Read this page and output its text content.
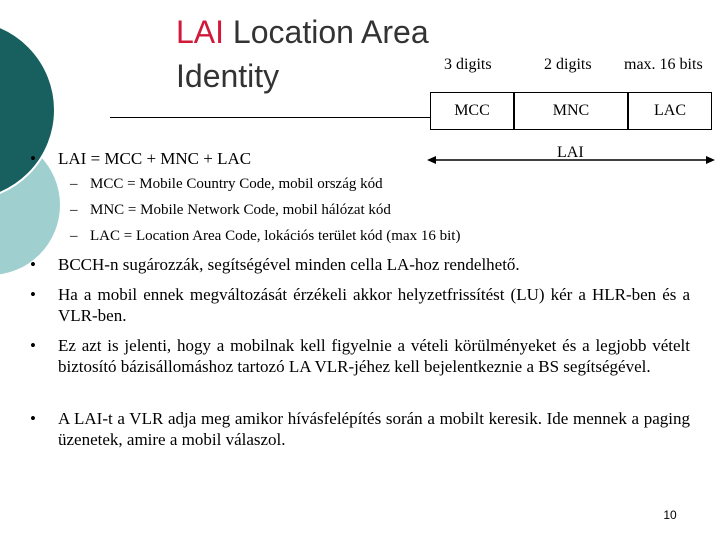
LAI Location Area
Identity	3 digits	2 digits max. 16 bits
MCC	MNC	LAC
LAI
•	LAI = MCC + MNC + LAC
– MCC = Mobile Country Code, mobil ország kód
– MNC = Mobile Network Code, mobil hálózat kód
– LAC = Location Area Code, lokációs terület kód (max 16 bit)
•	BCCH-n sugározzák, segítségével minden cella LA-hoz rendelhető.
•	Ha a mobil ennek megváltozását érzékeli akkor helyzetfrissítést (LU) kér a HLR-ben és a VLR-ben.
•	Ez azt is jelenti, hogy a mobilnak kell figyelnie a vételi körülményeket és a legjobb vételt biztosító bázisállomáshoz tartozó LA VLR-jéhez kell bejelentkeznie a BS segítségével.
•	A LAI-t a VLR adja meg amikor hívásfelépítés során a mobilt keresik. Ide mennek a paging üzenetek, amire a mobil válaszol.
10
